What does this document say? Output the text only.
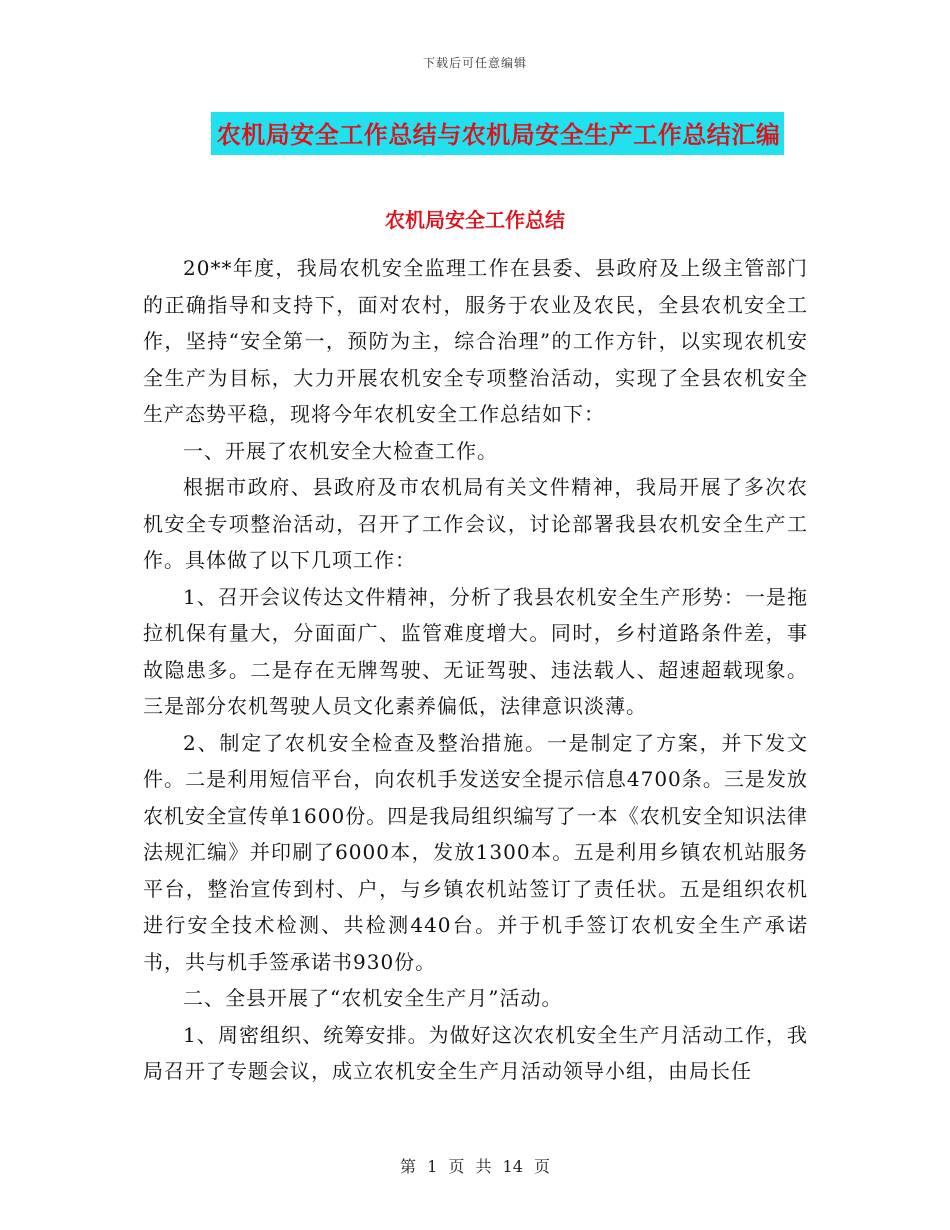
下载后可任意编辑
农机局安全工作总结与农机局安全生产工作总结汇编
农机局安全工作总结

20**年度，我局农机安全监理工作在县委、县政府及上级主管部门的正确指导和支持下，面对农村，服务于农业及农民，全县农机安全工作，坚持“安全第一，预防为主，综合治理”的工作方针，以实现农机安全生产为目标，大力开展农机安全专项整治活动，实现了全县农机安全生产态势平稳，现将今年农机安全工作总结如下：

一、开展了农机安全大检查工作。

根据市政府、县政府及市农机局有关文件精神，我局开展了多次农机安全专项整治活动，召开了工作会议，讨论部署我县农机安全生产工作。具体做了以下几项工作：

1、召开会议传达文件精神，分析了我县农机安全生产形势：一是拖拉机保有量大，分面面广、监管难度增大。同时，乡村道路条件差，事故隐患多。二是存在无牌驾驶、无证驾驶、违法载人、超速超载现象。三是部分农机驾驶人员文化素养偏低，法律意识淡薄。

2、制定了农机安全检查及整治措施。一是制定了方案，并下发文件。二是利用短信平台，向农机手发送安全提示信息4700条。三是发放农机安全宣传单1600份。四是我局组织编写了一本《农机安全知识法律法规汇编》并印刷了6000本，发放1300本。五是利用乡镇农机站服务平台，整治宣传到村、户，与乡镇农机站签订了责任状。五是组织农机进行安全技术检测、共检测440台。并于机手签订农机安全生产承诺书，共与机手签承诺书930份。

二、全县开展了“农机安全生产月”活动。

1、周密组织、统筹安排。为做好这次农机安全生产月活动工作，我局召开了专题会议，成立农机安全生产月活动领导小组，由局长任

第 1 页 共 14 页
